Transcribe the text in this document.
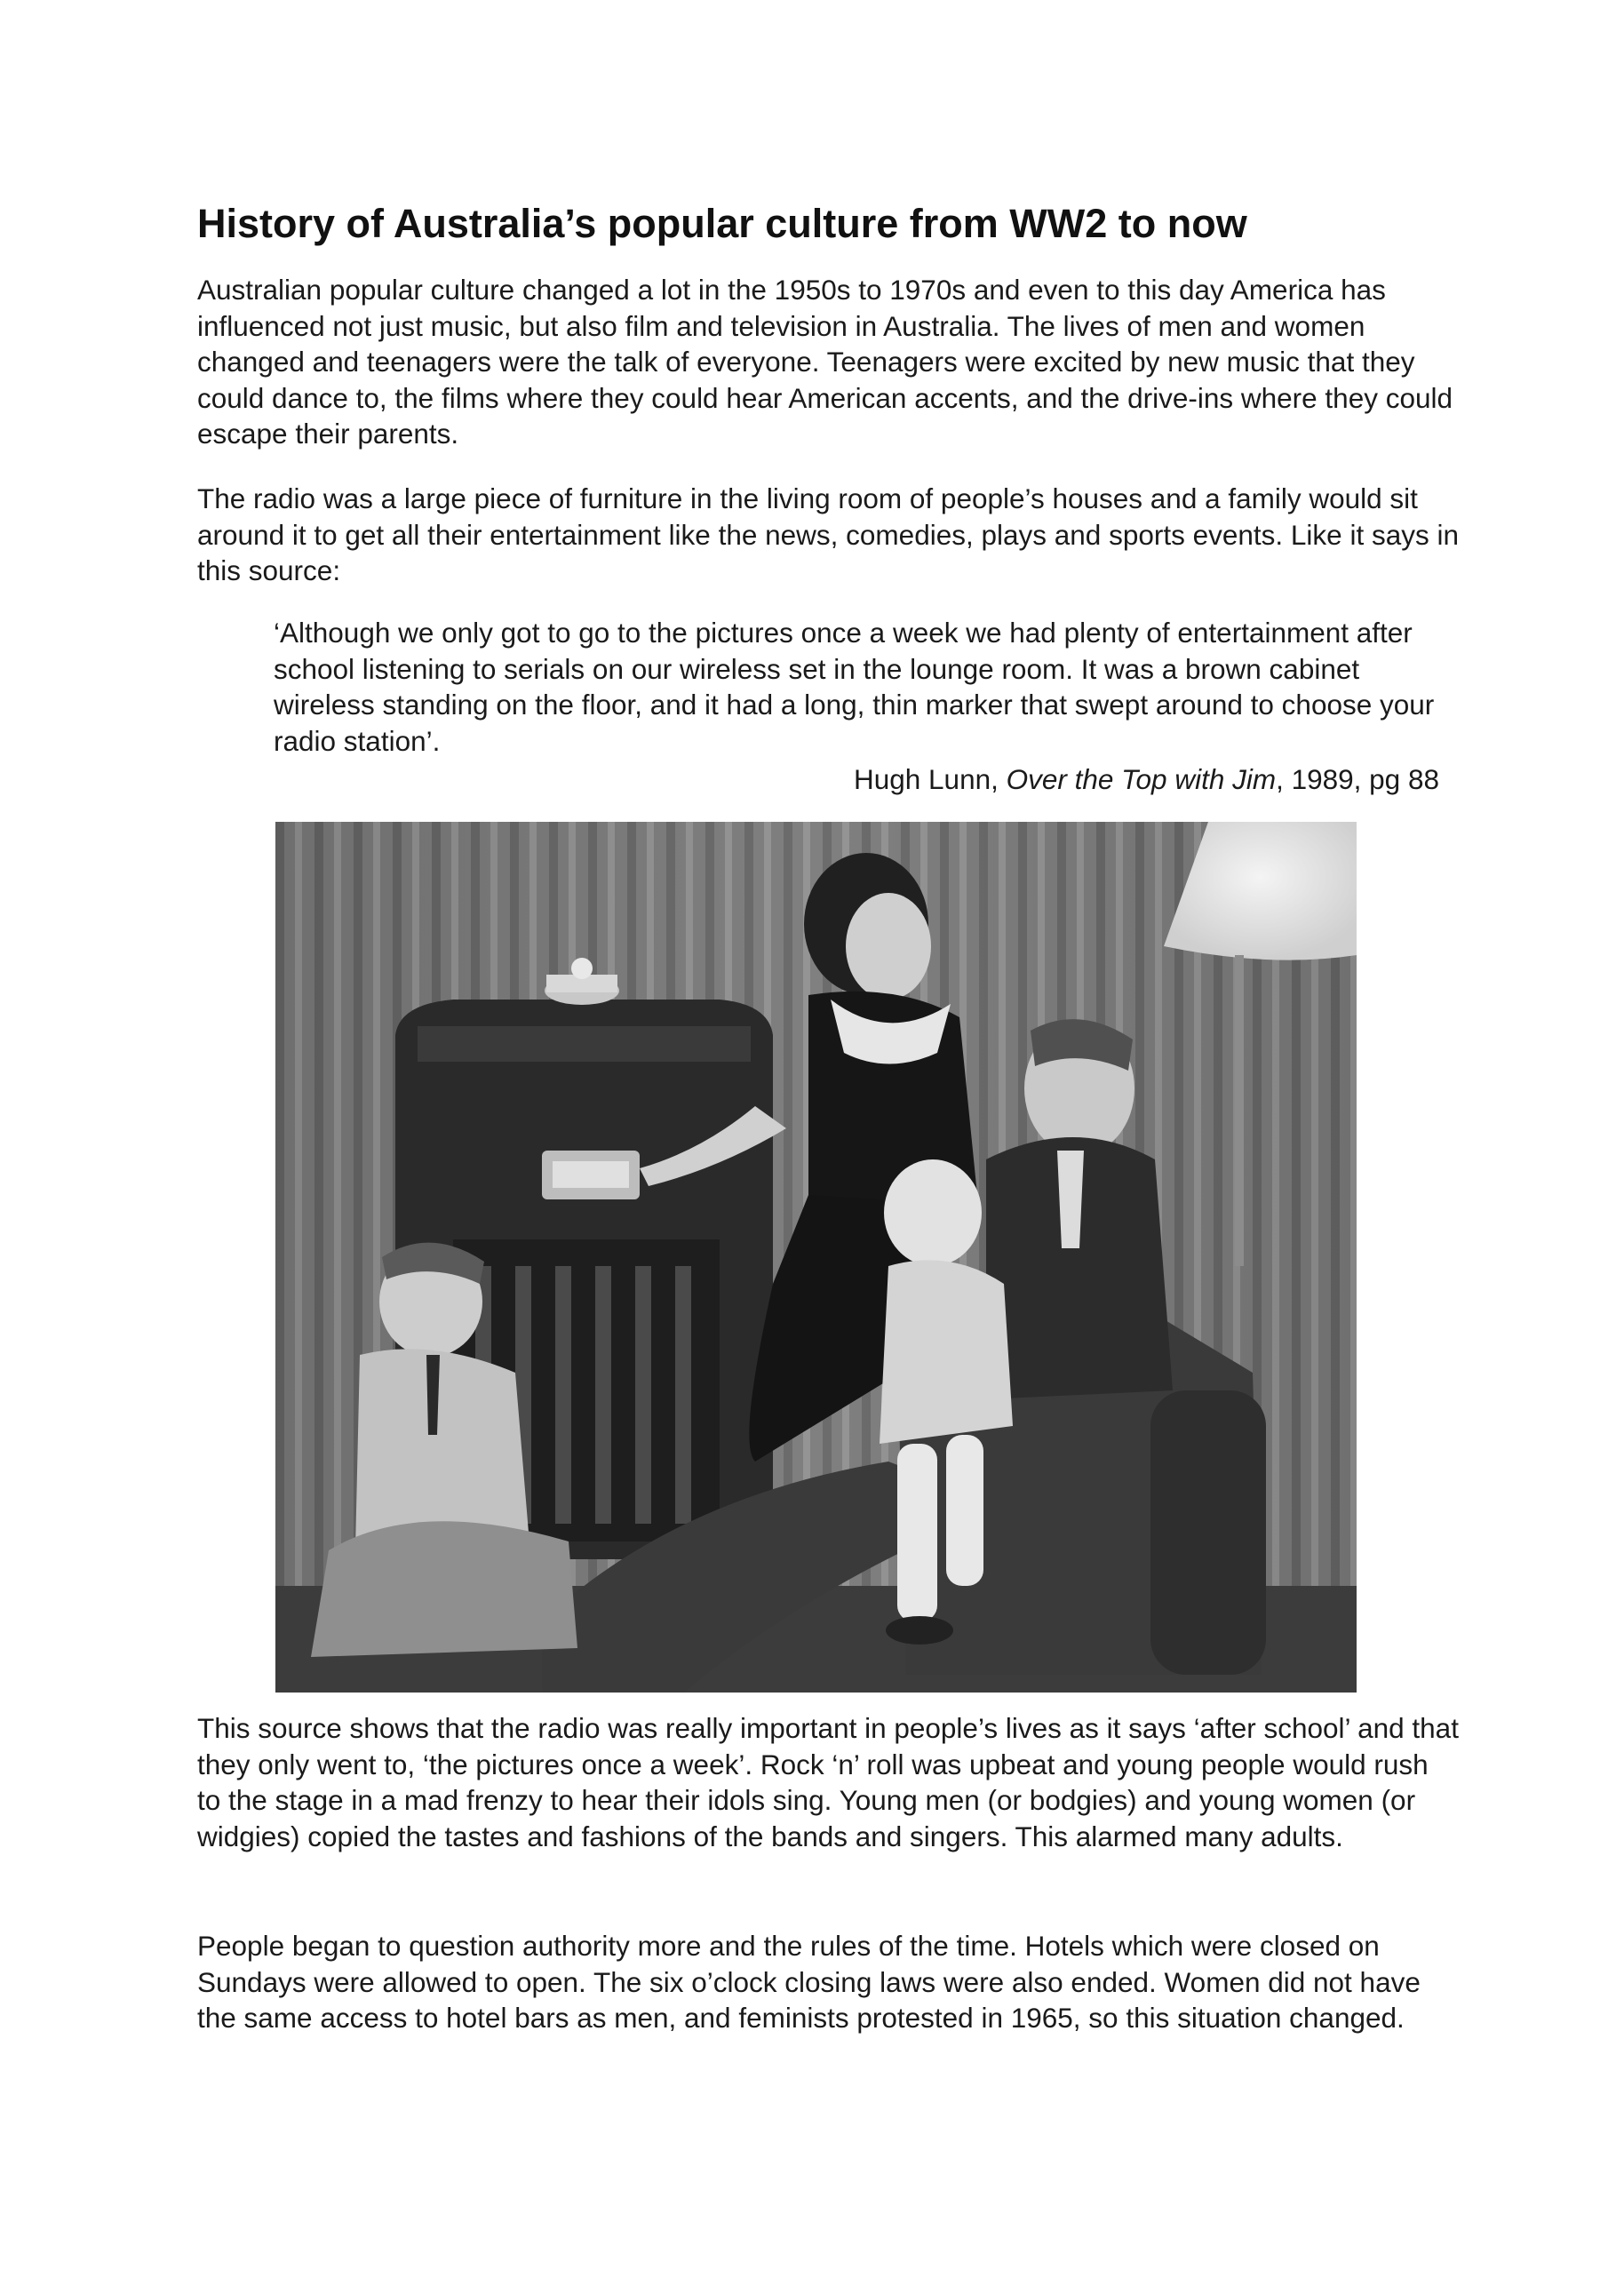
History of Australia’s popular culture from WW2 to now

Australian popular culture changed a lot in the 1950s to 1970s and even to this day America has influenced not just music, but also film and television in Australia. The lives of men and women changed and teenagers were the talk of everyone. Teenagers were excited by new music that they could dance to, the films where they could hear American accents, and the drive-ins where they could escape their parents.

The radio was a large piece of furniture in the living room of people’s houses and a family would sit around it to get all their entertainment like the news, comedies, plays and sports events. Like it says in this source:

‘Although we only got to go to the pictures once a week we had plenty of entertainment after school listening to serials on our wireless set in the lounge room. It was a brown cabinet wireless standing on the floor, and it had a long, thin marker that swept around to choose your radio station’.

Hugh Lunn, Over the Top with Jim, 1989, pg 88

This source shows that the radio was really important in people’s lives as it says ‘after school’ and that they only went to, ‘the pictures once a week’. Rock ‘n’ roll was upbeat and young people would rush to the stage in a mad frenzy to hear their idols sing. Young men (or bodgies) and young women (or widgies) copied the tastes and fashions of the bands and singers. This alarmed many adults.

People began to question authority more and the rules of the time. Hotels which were closed on Sundays were allowed to open. The six o’clock closing laws were also ended. Women did not have the same access to hotel bars as men, and feminists protested in 1965, so this situation changed.
